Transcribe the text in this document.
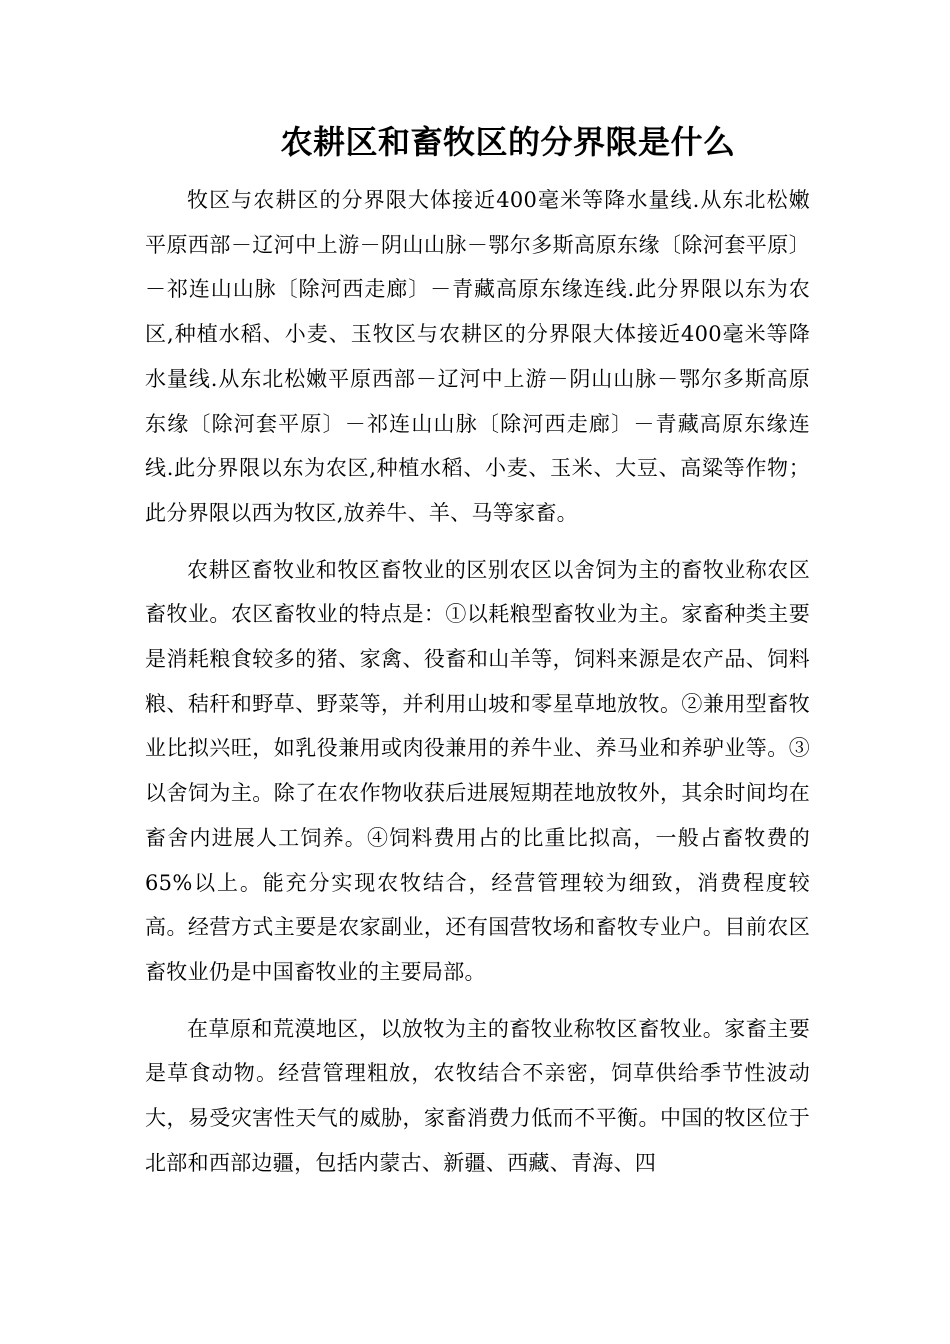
农耕区和畜牧区的分界限是什么

牧区与农耕区的分界限大体接近400毫米等降水量线.从东北松嫩平原西部－辽河中上游－阴山山脉－鄂尔多斯高原东缘〔除河套平原〕－祁连山山脉〔除河西走廊〕－青藏高原东缘连线.此分界限以东为农区,种植水稻、小麦、玉牧区与农耕区的分界限大体接近400毫米等降水量线.从东北松嫩平原西部－辽河中上游－阴山山脉－鄂尔多斯高原东缘〔除河套平原〕－祁连山山脉〔除河西走廊〕－青藏高原东缘连线.此分界限以东为农区,种植水稻、小麦、玉米、大豆、高粱等作物；此分界限以西为牧区,放养牛、羊、马等家畜。

农耕区畜牧业和牧区畜牧业的区别农区以舍饲为主的畜牧业称农区畜牧业。农区畜牧业的特点是：①以耗粮型畜牧业为主。家畜种类主要是消耗粮食较多的猪、家禽、役畜和山羊等，饲料来源是农产品、饲料粮、秸秆和野草、野菜等，并利用山坡和零星草地放牧。②兼用型畜牧业比拟兴旺，如乳役兼用或肉役兼用的养牛业、养马业和养驴业等。③以舍饲为主。除了在农作物收获后进展短期茬地放牧外，其余时间均在畜舍内进展人工饲养。④饲料费用占的比重比拟高，一般占畜牧费的65%以上。能充分实现农牧结合，经营管理较为细致，消费程度较高。经营方式主要是农家副业，还有国营牧场和畜牧专业户。目前农区畜牧业仍是中国畜牧业的主要局部。

在草原和荒漠地区，以放牧为主的畜牧业称牧区畜牧业。家畜主要是草食动物。经营管理粗放，农牧结合不亲密，饲草供给季节性波动大，易受灾害性天气的威胁，家畜消费力低而不平衡。中国的牧区位于北部和西部边疆，包括内蒙古、新疆、西藏、青海、四
